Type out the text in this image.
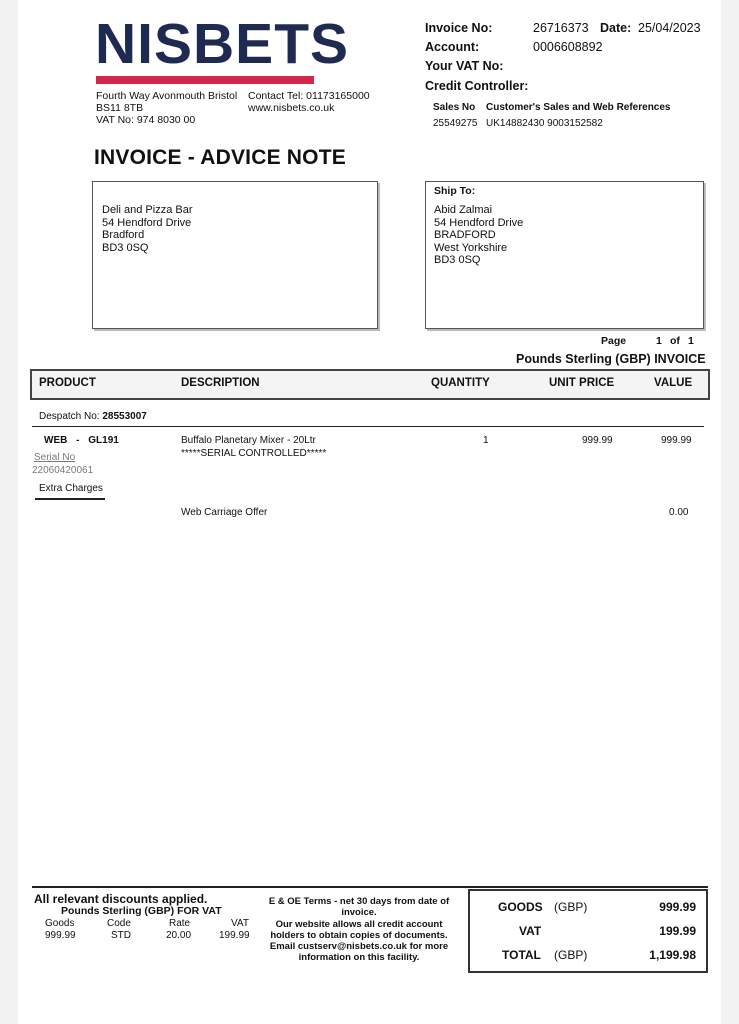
NISBETS
Fourth Way Avonmouth Bristol
BS11 8TB
VAT No: 974 8030 00
Contact Tel: 01173165000
www.nisbets.co.uk
Invoice No:	26716373 Date: 25/04/2023
Account:	0006608892
Your VAT No:
Credit Controller:
Sales No Customer's Sales and Web References
25549275 UK14882430 9003152582
INVOICE - ADVICE NOTE
Deli and Pizza Bar
54 Hendford Drive
Bradford
BD3 0SQ
Ship To:
Abid Zalmai
54 Hendford Drive
BRADFORD
West Yorkshire
BD3 0SQ
Page	1 of 1
Pounds Sterling (GBP) INVOICE
PRODUCT	DESCRIPTION	QUANTITY	UNIT PRICE	VALUE
Despatch No: 28553007
WEB - GL191	Buffalo Planetary Mixer - 20Ltr
*****SERIAL CONTROLLED*****
1	999.99	999.99
Serial No
22060420061
Extra Charges
Web Carriage Offer	0.00
All relevant discounts applied.
Pounds Sterling (GBP) FOR VAT
Goods	Code	Rate	VAT
999.99	STD	20.00	199.99
E & OE Terms - net 30 days from date of
invoice.
Our website allows all credit account
holders to obtain copies of documents.
Email custserv@nisbets.co.uk for more
information on this facility.
GOODS (GBP)	999.99
VAT	199.99
TOTAL (GBP)	1,199.98
